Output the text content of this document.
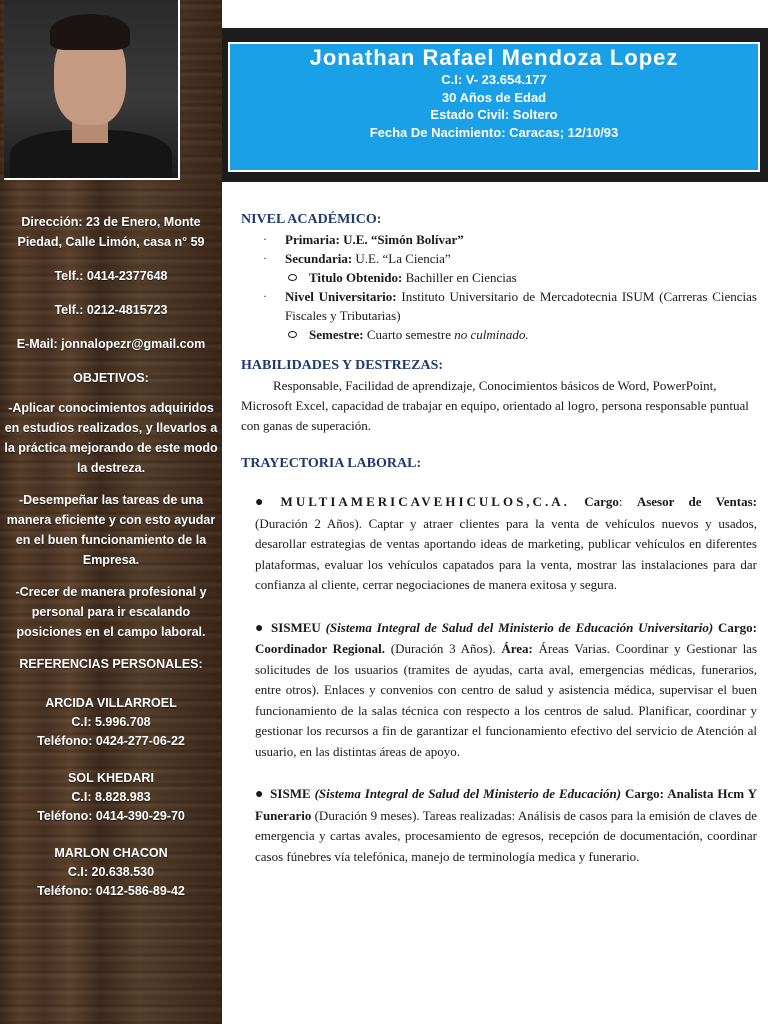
Dirección: 23 de Enero, Monte Piedad, Calle Limón, casa n° 59

Telf.: 0414-2377648

Telf.: 0212-4815723

E-Mail: jonnalopezr@gmail.com

OBJETIVOS:
-Aplicar conocimientos adquiridos en estudios realizados, y llevarlos a la práctica mejorando de este modo la destreza.
-Desempeñar las tareas de una manera eficiente y con esto ayudar en el buen funcionamiento de la Empresa.
-Crecer de manera profesional y personal para ir escalando posiciones en el campo laboral.
REFERENCIAS PERSONALES:
ARCIDA VILLARROEL
C.I: 5.996.708
Teléfono: 0424-277-06-22
SOL KHEDARI
C.I: 8.828.983
Teléfono: 0414-390-29-70
MARLON CHACON
C.I: 20.638.530
Teléfono: 0412-586-89-42
Jonathan Rafael Mendoza Lopez
C.I: V- 23.654.177
30 Años de Edad
Estado Civil: Soltero
Fecha De Nacimiento: Caracas; 12/10/93
NIVEL ACADÉMICO:
· Primaria: U.E. “Simón Bolívar”
· Secundaria: U.E. “La Ciencia”
Titulo Obtenido: Bachiller en Ciencias
· Nivel Universitario: Instituto Universitario de Mercadotecnia ISUM (Carreras Ciencias Fiscales y Tributarias)
Semestre: Cuarto semestre no culminado.
HABILIDADES Y DESTREZAS:

Responsable, Facilidad de aprendizaje, Conocimientos básicos de Word, PowerPoint, Microsoft Excel, capacidad de trabajar en equipo, orientado al logro, persona responsable puntual con ganas de superación.

TRAYECTORIA LABORAL:

● MULTIAMERICAVEHICULOS,C.A. Cargo: Asesor de Ventas: (Duración 2 Años). Captar y atraer clientes para la venta de vehículos nuevos y usados, desarollar estrategias de ventas aportando ideas de marketing, publicar vehículos en diferentes plataformas, evaluar los vehículos capatados para la venta, mostrar las instalaciones para dar confianza al cliente, cerrar negociaciones de manera exitosa y segura.

● SISMEU (Sistema Integral de Salud del Ministerio de Educación Universitario) Cargo: Coordinador Regional. (Duración 3 Años). Área: Áreas Varias. Coordinar y Gestionar las solicitudes de los usuarios (tramites de ayudas, carta aval, emergencias médicas, funerarios, entre otros). Enlaces y convenios con centro de salud y asistencia médica, supervisar el buen funcionamiento de la salas técnica con respecto a los centros de salud. Planificar, coordinar y gestionar los recursos a fin de garantizar el funcionamiento efectivo del servicio de Atención al usuario, en las distintas áreas de apoyo.

● SISME (Sistema Integral de Salud del Ministerio de Educación) Cargo: Analista Hcm Y Funerario (Duración 9 meses). Tareas realizadas: Análisis de casos para la emisión de claves de emergencia y cartas avales, procesamiento de egresos, recepción de documentación, coordinar casos fúnebres vía telefónica, manejo de terminología medica y funerario.
